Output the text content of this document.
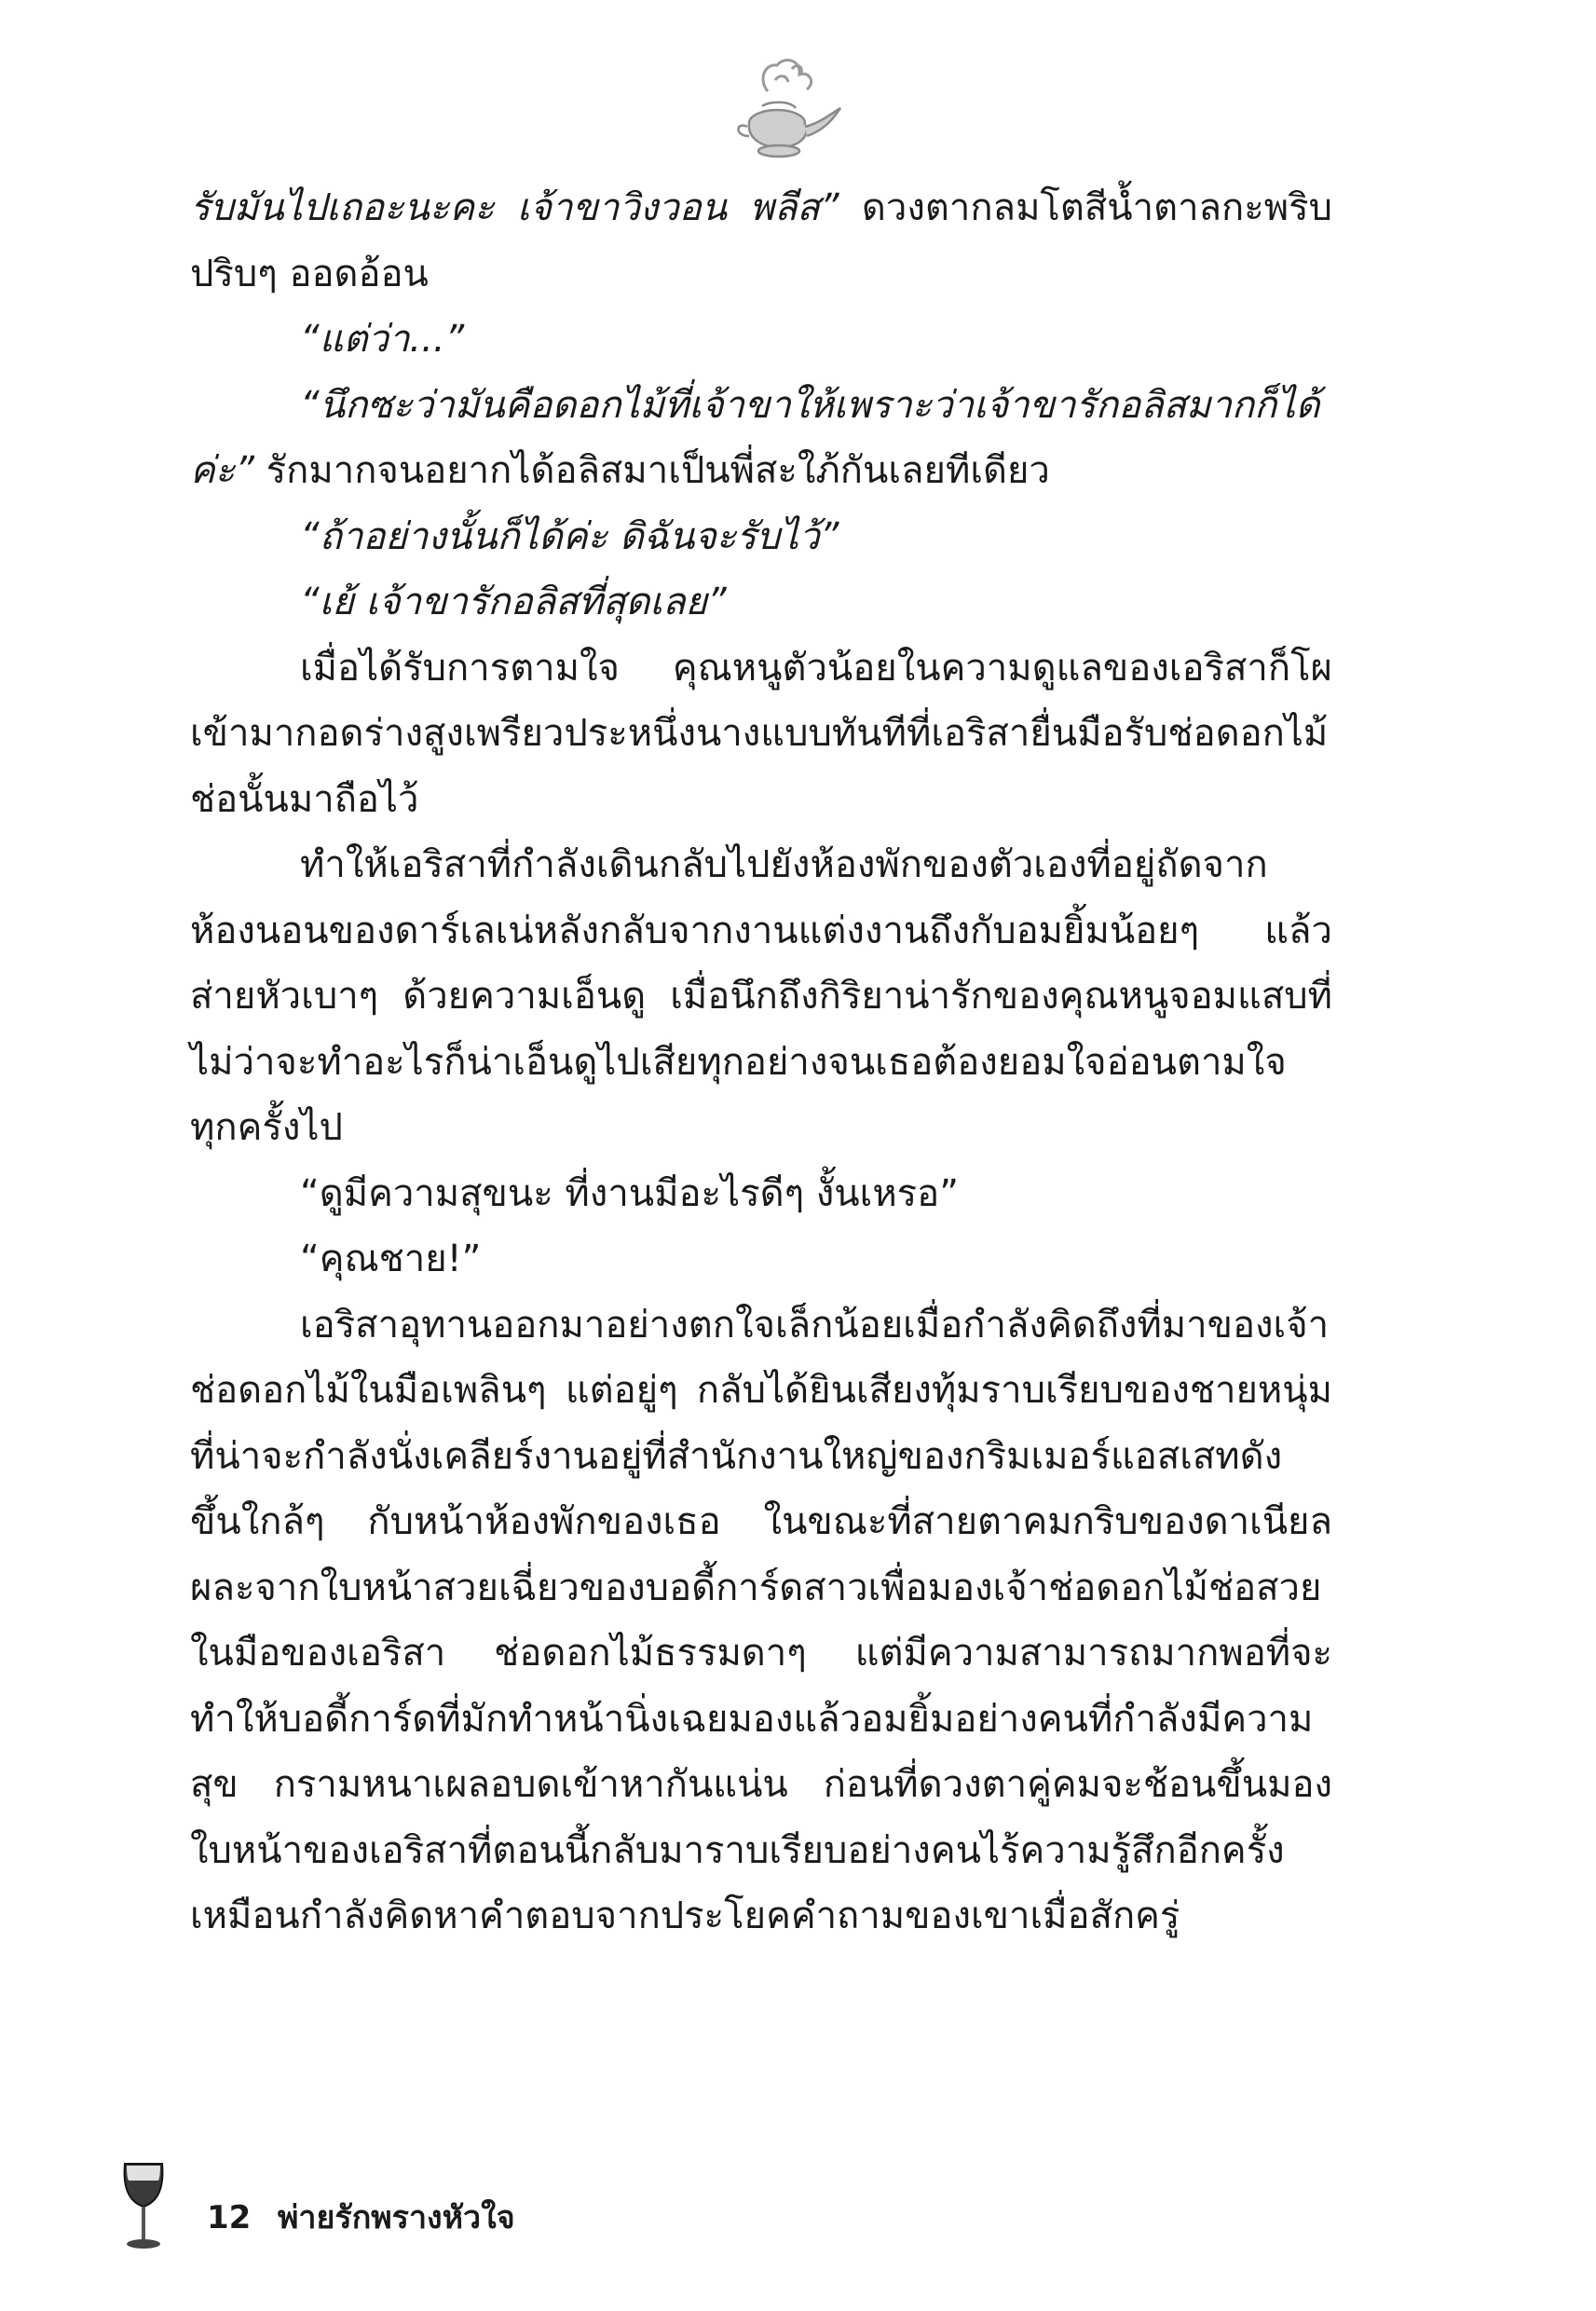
รับมันไปเถอะนะคะ เจ้าขาวิงวอน พลีส” ดวงตากลมโตสีน้ำตาลกะพริบปริบๆ ออดอ้อน

“แต่ว่า...”

“นึกซะว่ามันคือดอกไม้ที่เจ้าขาให้เพราะว่าเจ้าขารักอลิสมากก็ได้ค่ะ” รักมากจนอยากได้อลิสมาเป็นพี่สะใภ้กันเลยทีเดียว

“ถ้าอย่างนั้นก็ได้ค่ะ ดิฉันจะรับไว้”

“เย้ เจ้าขารักอลิสที่สุดเลย”

เมื่อได้รับการตามใจ คุณหนูตัวน้อยในความดูแลของเอริสาก็โผเข้ามากอดร่างสูงเพรียวประหนึ่งนางแบบทันทีที่เอริสายื่นมือรับช่อดอกไม้ช่อนั้นมาถือไว้

ทำให้เอริสาที่กำลังเดินกลับไปยังห้องพักของตัวเองที่อยู่ถัดจากห้องนอนของดาร์เลเน่หลังกลับจากงานแต่งงานถึงกับอมยิ้มน้อยๆ แล้วส่ายหัวเบาๆ ด้วยความเอ็นดู เมื่อนึกถึงกิริยาน่ารักของคุณหนูจอมแสบที่ไม่ว่าจะทำอะไรก็น่าเอ็นดูไปเสียทุกอย่างจนเธอต้องยอมใจอ่อนตามใจทุกครั้งไป

“ดูมีความสุขนะ ที่งานมีอะไรดีๆ งั้นเหรอ”

“คุณชาย!”

เอริสาอุทานออกมาอย่างตกใจเล็กน้อยเมื่อกำลังคิดถึงที่มาของเจ้าช่อดอกไม้ในมือเพลินๆ แต่อยู่ๆ กลับได้ยินเสียงทุ้มราบเรียบของชายหนุ่มที่น่าจะกำลังนั่งเคลียร์งานอยู่ที่สำนักงานใหญ่ของกริมเมอร์แอสเสทดังขึ้นใกล้ๆ กับหน้าห้องพักของเธอ ในขณะที่สายตาคมกริบของดาเนียลผละจากใบหน้าสวยเฉี่ยวของบอดี้การ์ดสาวเพื่อมองเจ้าช่อดอกไม้ช่อสวยในมือของเอริสา ช่อดอกไม้ธรรมดาๆ แต่มีความสามารถมากพอที่จะทำให้บอดี้การ์ดที่มักทำหน้านิ่งเฉยมองแล้วอมยิ้มอย่างคนที่กำลังมีความสุข กรามหนาเผลอบดเข้าหากันแน่น ก่อนที่ดวงตาคู่คมจะช้อนขึ้นมองใบหน้าของเอริสาที่ตอนนี้กลับมาราบเรียบอย่างคนไร้ความรู้สึกอีกครั้ง เหมือนกำลังคิดหาคำตอบจากประโยคคำถามของเขาเมื่อสักครู่

12 พ่ายรักพรางหัวใจ
